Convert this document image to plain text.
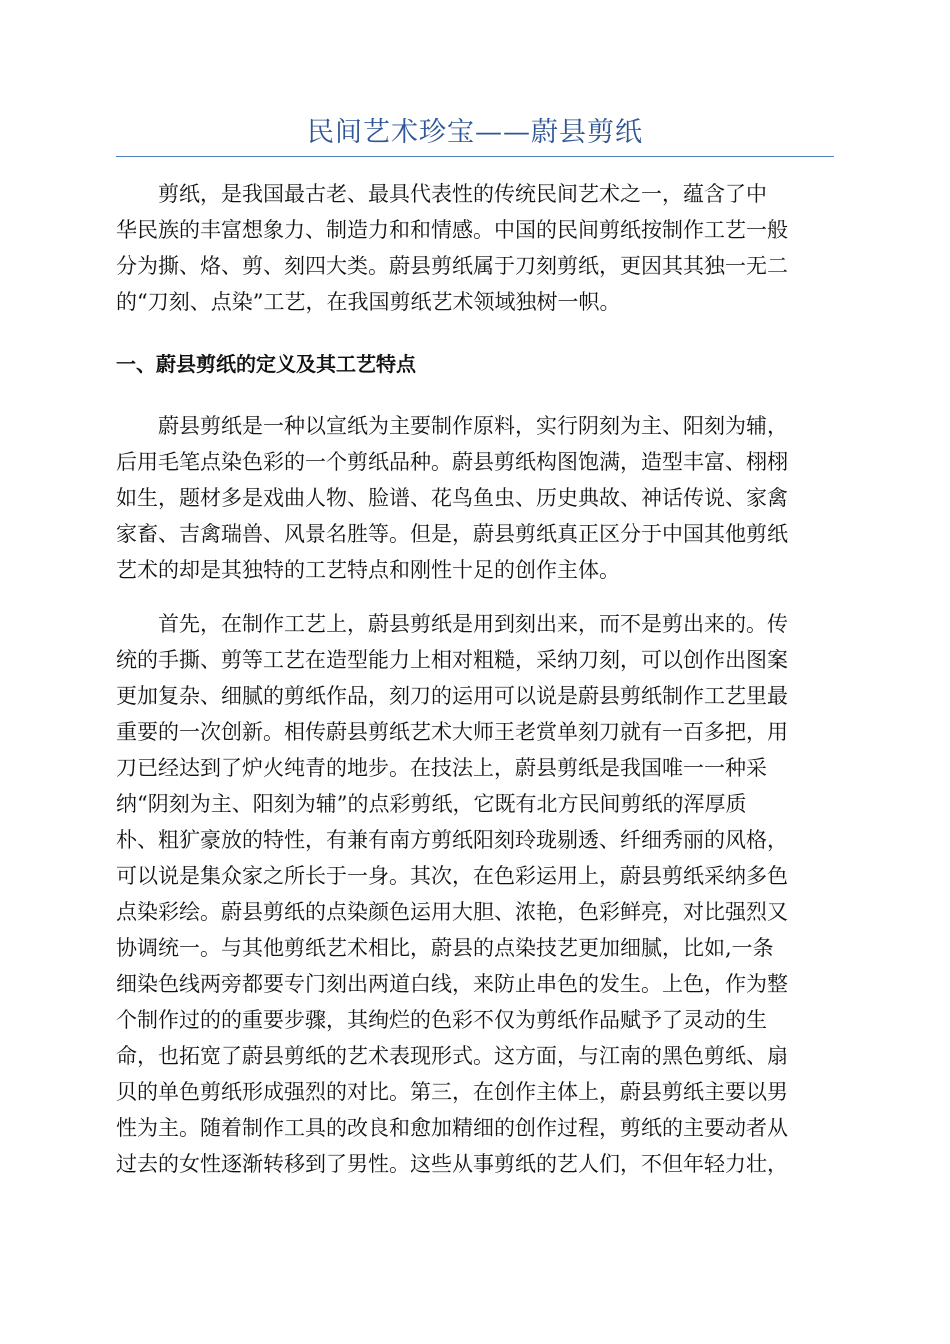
民间艺术珍宝——蔚县剪纸
　　剪纸，是我国最古老、最具代表性的传统民间艺术之一，蕴含了中
华民族的丰富想象力、制造力和和情感。中国的民间剪纸按制作工艺一般
分为撕、烙、剪、刻四大类。蔚县剪纸属于刀刻剪纸，更因其其独一无二
的“刀刻、点染”工艺，在我国剪纸艺术领域独树一帜。
一、蔚县剪纸的定义及其工艺特点
　　蔚县剪纸是一种以宣纸为主要制作原料，实行阴刻为主、阳刻为辅，
后用毛笔点染色彩的一个剪纸品种。蔚县剪纸构图饱满，造型丰富、栩栩
如生，题材多是戏曲人物、脸谱、花鸟鱼虫、历史典故、神话传说、家禽
家畜、吉禽瑞兽、风景名胜等。但是，蔚县剪纸真正区分于中国其他剪纸
艺术的却是其独特的工艺特点和刚性十足的创作主体。
　　首先，在制作工艺上，蔚县剪纸是用到刻出来，而不是剪出来的。传
统的手撕、剪等工艺在造型能力上相对粗糙，采纳刀刻，可以创作出图案
更加复杂、细腻的剪纸作品，刻刀的运用可以说是蔚县剪纸制作工艺里最
重要的一次创新。相传蔚县剪纸艺术大师王老赏单刻刀就有一百多把，用
刀已经达到了炉火纯青的地步。在技法上，蔚县剪纸是我国唯一一种采
纳“阴刻为主、阳刻为辅”的点彩剪纸，它既有北方民间剪纸的浑厚质
朴、粗犷豪放的特性，有兼有南方剪纸阳刻玲珑剔透、纤细秀丽的风格，
可以说是集众家之所长于一身。其次，在色彩运用上，蔚县剪纸采纳多色
点染彩绘。蔚县剪纸的点染颜色运用大胆、浓艳，色彩鲜亮，对比强烈又
协调统一。与其他剪纸艺术相比，蔚县的点染技艺更加细腻，比如,一条
细染色线两旁都要专门刻出两道白线，来防止串色的发生。上色，作为整
个制作过的的重要步骤，其绚烂的色彩不仅为剪纸作品赋予了灵动的生
命，也拓宽了蔚县剪纸的艺术表现形式。这方面，与江南的黑色剪纸、扇
贝的单色剪纸形成强烈的对比。第三，在创作主体上，蔚县剪纸主要以男
性为主。随着制作工具的改良和愈加精细的创作过程，剪纸的主要动者从
过去的女性逐渐转移到了男性。这些从事剪纸的艺人们，不但年轻力壮，
